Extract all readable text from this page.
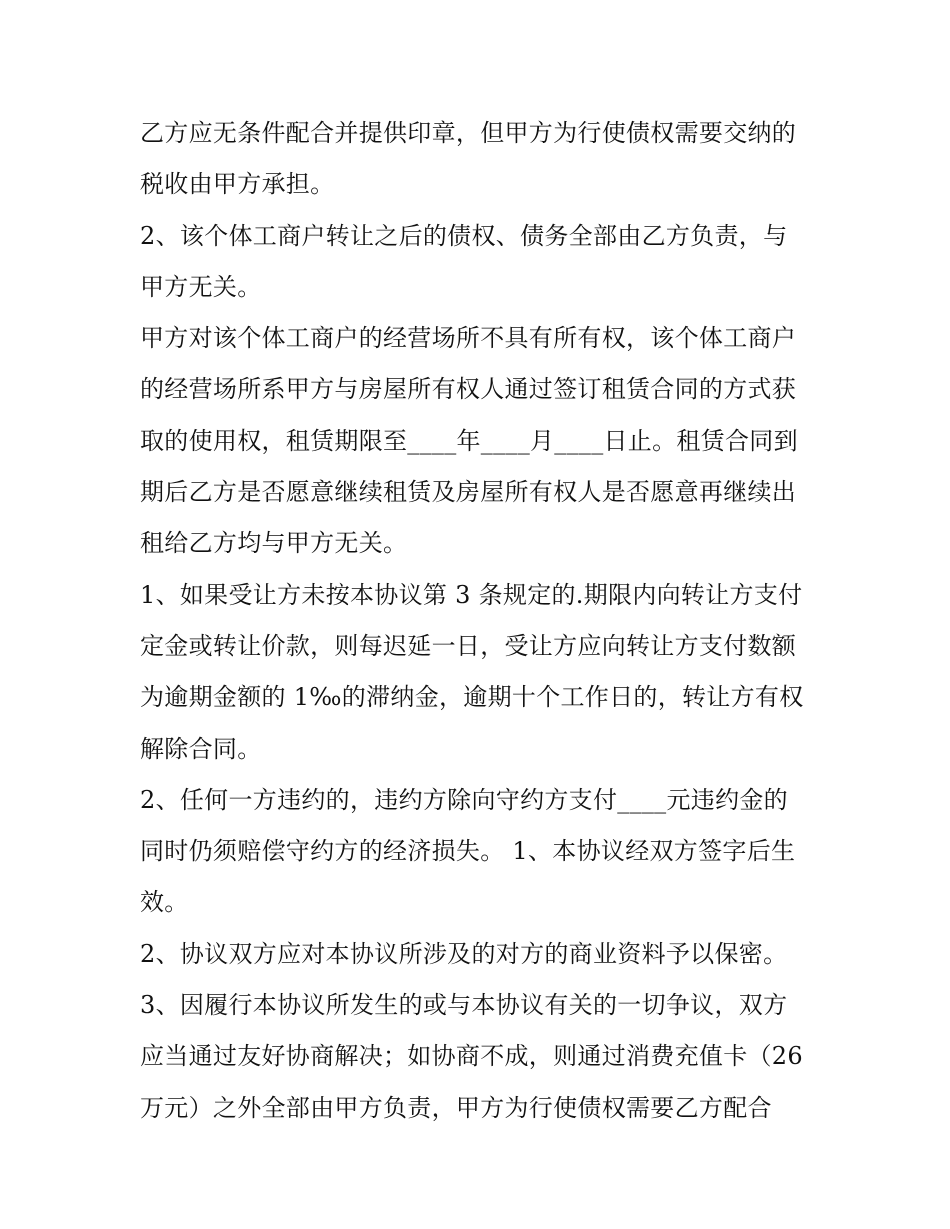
乙方应无条件配合并提供印章，但甲方为行使债权需要交纳的
税收由甲方承担。
2、该个体工商户转让之后的债权、债务全部由乙方负责，与
甲方无关。
甲方对该个体工商户的经营场所不具有所有权，该个体工商户
的经营场所系甲方与房屋所有权人通过签订租赁合同的方式获
取的使用权，租赁期限至____年____月____日止。租赁合同到
期后乙方是否愿意继续租赁及房屋所有权人是否愿意再继续出
租给乙方均与甲方无关。
1、如果受让方未按本协议第 3 条规定的.期限内向转让方支付
定金或转让价款，则每迟延一日，受让方应向转让方支付数额
为逾期金额的 1‰的滞纳金，逾期十个工作日的，转让方有权
解除合同。
2、任何一方违约的，违约方除向守约方支付____元违约金的
同时仍须赔偿守约方的经济损失。 1、本协议经双方签字后生
效。
2、协议双方应对本协议所涉及的对方的商业资料予以保密。
3、因履行本协议所发生的或与本协议有关的一切争议，双方
应当通过友好协商解决；如协商不成，则通过消费充值卡（26
万元）之外全部由甲方负责，甲方为行使债权需要乙方配合
